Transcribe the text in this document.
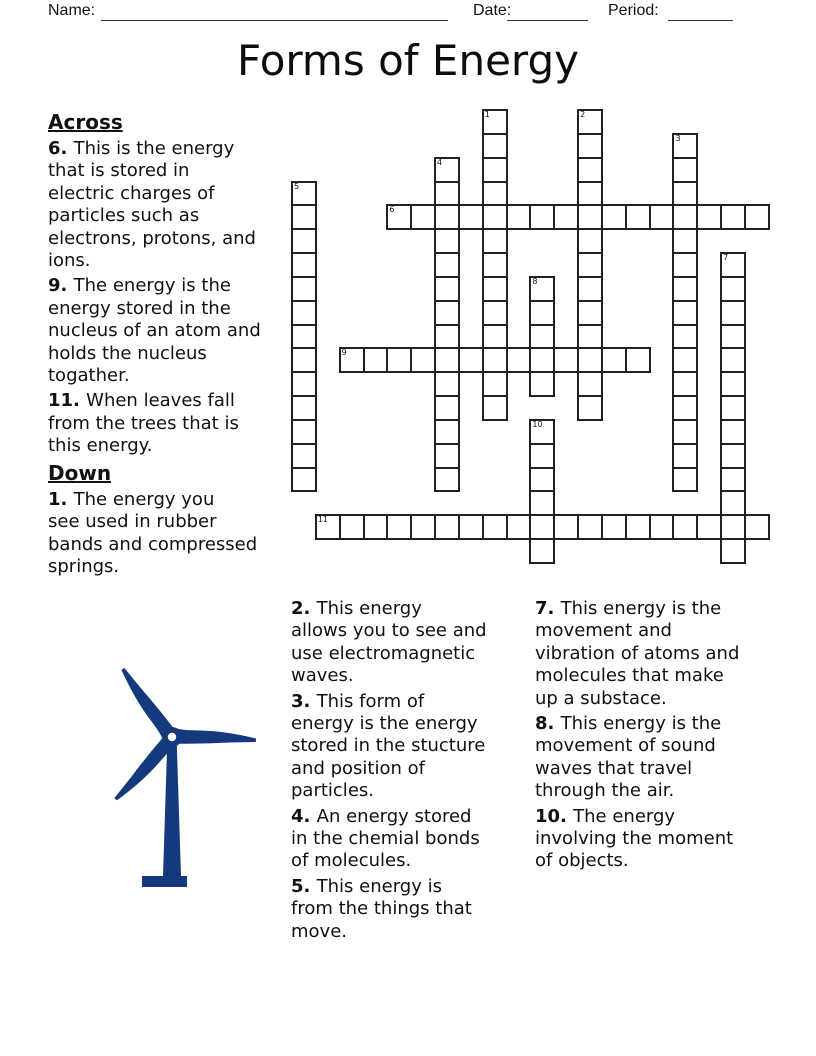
Name:	Date:	Period:
Forms of Energy
1	2
3
4
5
6
7
8
9
10
11
Across
6. This is the energy
that is stored in
electric charges of
particles such as
electrons, protons, and
ions.
9. The energy is the
energy stored in the
nucleus of an atom and
holds the nucleus
togather.
11. When leaves fall
from the trees that is
this energy.
Down
1. The energy you
see used in rubber
bands and compressed
springs.
2. This energy
allows you to see and
use electromagnetic
waves.
3. This form of
energy is the energy
stored in the stucture
and position of
particles.
4. An energy stored
in the chemial bonds
of molecules.
5. This energy is
from the things that
move.
7. This energy is the
movement and
vibration of atoms and
molecules that make
up a substace.
8. This energy is the
movement of sound
waves that travel
through the air.
10. The energy
involving the moment
of objects.
